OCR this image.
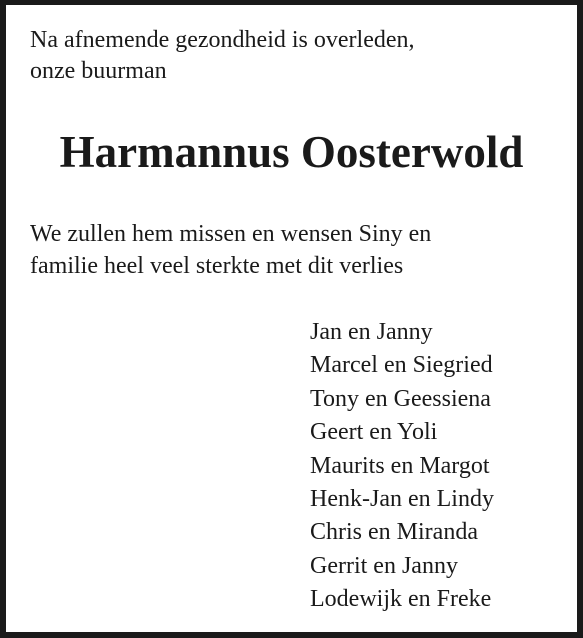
Na afnemende gezondheid is overleden,
onze buurman

Harmannus Oosterwold

We zullen hem missen en wensen Siny en
familie heel veel sterkte met dit verlies

Jan en Janny
Marcel en Siegried
Tony en Geessiena
Geert en Yoli
Maurits en Margot
Henk-Jan en Lindy
Chris en Miranda
Gerrit en Janny
Lodewijk en Freke
